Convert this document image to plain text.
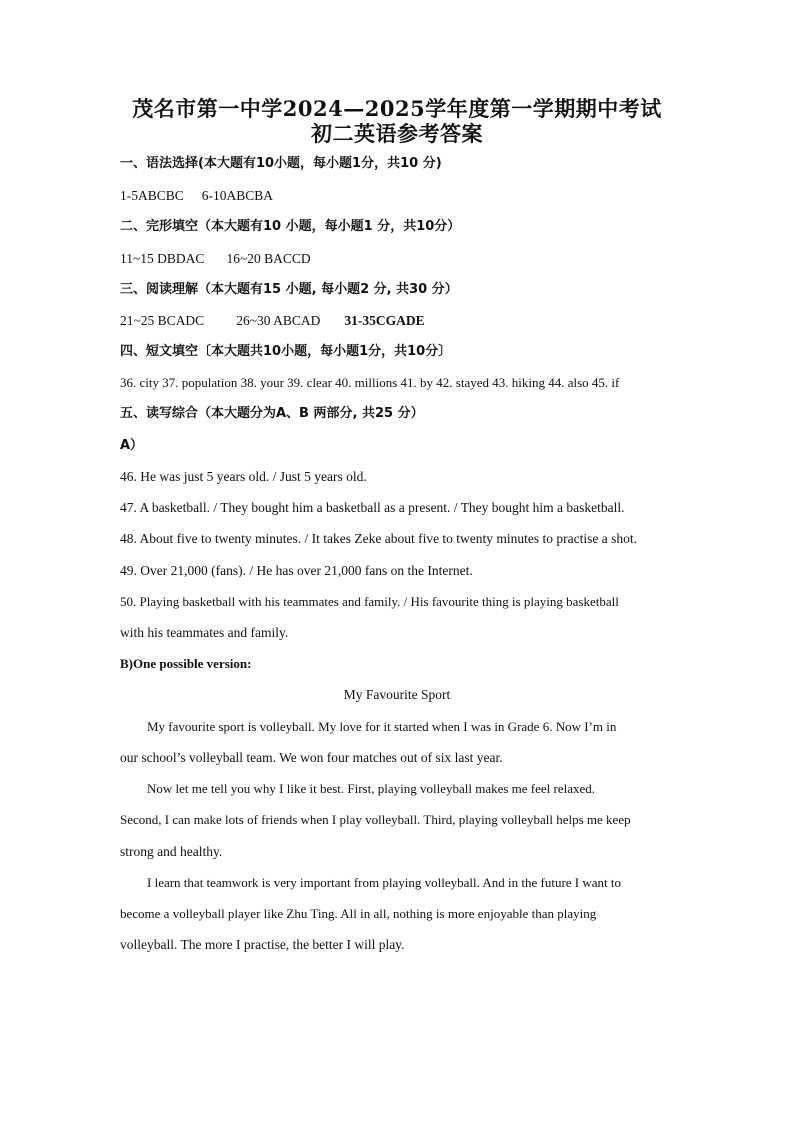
茂名市第一中学2024—2025学年度第一学期期中考试
初二英语参考答案
一、语法选择(本大题有10小题，每小题1分，共10 分)
1-5ABCBC 6-10ABCBA
二、完形填空（本大题有10 小题，每小题1 分，共10分）
11~15 DBDAC 16~20 BACCD
三、阅读理解（本大题有15 小题, 每小题2 分, 共30 分）
21~25 BCADC 26~30 ABCAD 31-35CGADE
四、短文填空〔本大题共10小题，每小题1分，共10分〕
36. city 37. population 38. your 39. clear 40. millions 41. by 42. stayed 43. hiking 44. also 45. if
五、读写综合（本大题分为A、B 两部分, 共25 分）
A）
46. He was just 5 years old. / Just 5 years old.
47. A basketball. / They bought him a basketball as a present. / They bought him a basketball.
48. About five to twenty minutes. / It takes Zeke about five to twenty minutes to practise a shot.
49. Over 21,000 (fans). / He has over 21,000 fans on the Internet.
50. Playing basketball with his teammates and family. / His favourite thing is playing basketball
with his teammates and family.
B)One possible version:
My Favourite Sport
My favourite sport is volleyball. My love for it started when I was in Grade 6. Now I’m in
our school’s volleyball team. We won four matches out of six last year.
Now let me tell you why I like it best. First, playing volleyball makes me feel relaxed.
Second, I can make lots of friends when I play volleyball. Third, playing volleyball helps me keep
strong and healthy.
I learn that teamwork is very important from playing volleyball. And in the future I want to
become a volleyball player like Zhu Ting. All in all, nothing is more enjoyable than playing
volleyball. The more I practise, the better I will play.
